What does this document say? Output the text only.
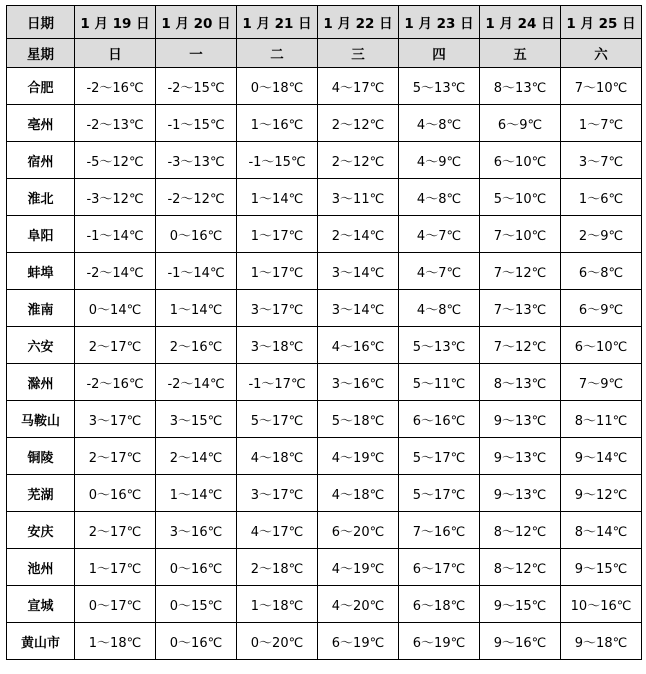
日期	1 月 19 日	1 月 20 日	1 月 21 日	1 月 22 日	1 月 23 日	1 月 24 日	1 月 25 日
星期	日	一	二	三	四	五	六
合肥	-2～16℃	-2～15℃	0～18℃	4～17℃	5～13℃	8～13℃	7～10℃
亳州	-2～13℃	-1～15℃	1～16℃	2～12℃	4～8℃	6～9℃	1～7℃
宿州	-5～12℃	-3～13℃	-1～15℃	2～12℃	4～9℃	6～10℃	3～7℃
淮北	-3～12℃	-2～12℃	1～14℃	3～11℃	4～8℃	5～10℃	1～6℃
阜阳	-1～14℃	0～16℃	1～17℃	2～14℃	4～7℃	7～10℃	2～9℃
蚌埠	-2～14℃	-1～14℃	1～17℃	3～14℃	4～7℃	7～12℃	6～8℃
淮南	0～14℃	1～14℃	3～17℃	3～14℃	4～8℃	7～13℃	6～9℃
六安	2～17℃	2～16℃	3～18℃	4～16℃	5～13℃	7～12℃	6～10℃
滁州	-2～16℃	-2～14℃	-1～17℃	3～16℃	5～11℃	8～13℃	7～9℃
马鞍山	3～17℃	3～15℃	5～17℃	5～18℃	6～16℃	9～13℃	8～11℃
铜陵	2～17℃	2～14℃	4～18℃	4～19℃	5～17℃	9～13℃	9～14℃
芜湖	0～16℃	1～14℃	3～17℃	4～18℃	5～17℃	9～13℃	9～12℃
安庆	2～17℃	3～16℃	4～17℃	6～20℃	7～16℃	8～12℃	8～14℃
池州	1～17℃	0～16℃	2～18℃	4～19℃	6～17℃	8～12℃	9～15℃
宣城	0～17℃	0～15℃	1～18℃	4～20℃	6～18℃	9～15℃	10～16℃
黄山市	1～18℃	0～16℃	0～20℃	6～19℃	6～19℃	9～16℃	9～18℃
